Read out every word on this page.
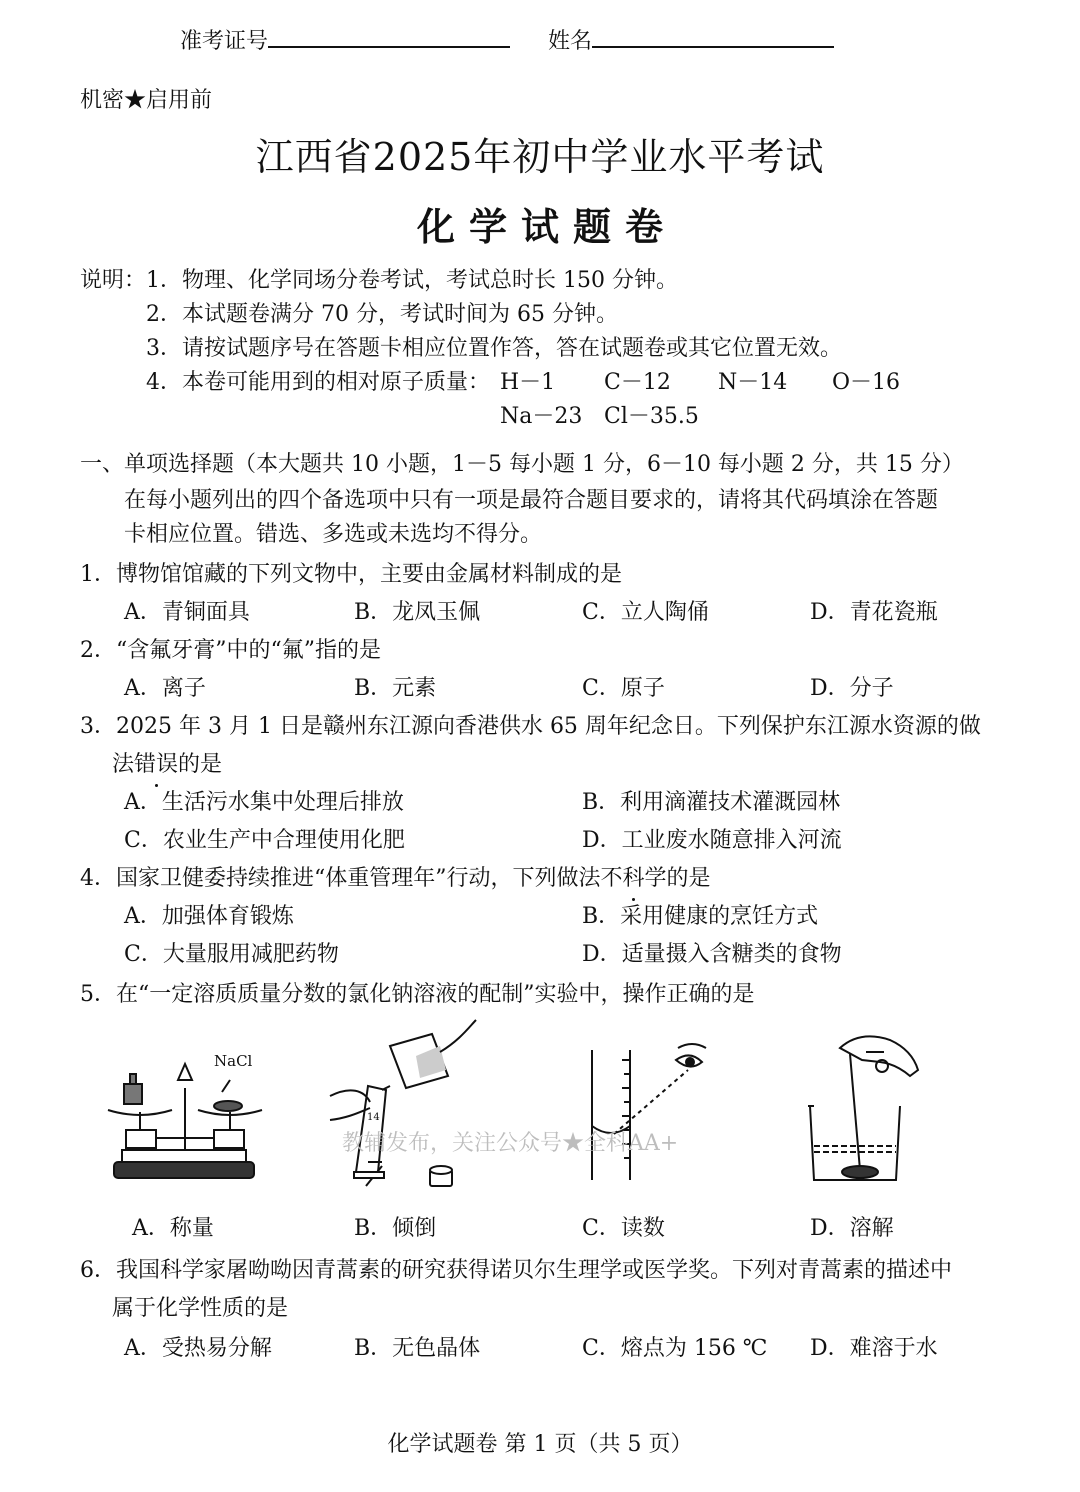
准考证号	姓名
机密★启用前
江西省2025年初中学业水平考试
化学试题卷
说明： 1．物理、化学同场分卷考试，考试总时长 150 分钟。
2．本试题卷满分 70 分，考试时间为 65 分钟。
3．请按试题序号在答题卡相应位置作答，答在试题卷或其它位置无效。
4．本卷可能用到的相对原子质量： H－1 C－12 N－14 O－16
Na－23 Cl－35.5
一、单项选择题（本大题共 10 小题，1－5 每小题 1 分，6－10 每小题 2 分，共 15 分）
在每小题列出的四个备选项中只有一项是最符合题目要求的，请将其代码填涂在答题
卡相应位置。错选、多选或未选均不得分。
1．博物馆馆藏的下列文物中，主要由金属材料制成的是
A．青铜面具	B．龙凤玉佩	C．立人陶俑	D．青花瓷瓶
2．“含氟牙膏”中的“氟”指的是
A．离子	B．元素	C．原子	D．分子
3．2025 年 3 月 1 日是赣州东江源向香港供水 65 周年纪念日。下列保护东江源水资源的做
法错误的是
A．生活污水集中处理后排放	B．利用滴灌技术灌溉园林
C．农业生产中合理使用化肥	D．工业废水随意排入河流
4．国家卫健委持续推进“体重管理年”行动，下列做法不科学的是
A．加强体育锻炼	B．采用健康的烹饪方式
C．大量服用减肥药物	D．适量摄入含糖类的食物
5．在“一定溶质质量分数的氯化钠溶液的配制”实验中，操作正确的是
NaCl
14
教辅发布，关注公众号★全科AA+
A．称量	B．倾倒	C．读数	D．溶解
6．我国科学家屠呦呦因青蒿素的研究获得诺贝尔生理学或医学奖。下列对青蒿素的描述中
属于化学性质的是
A．受热易分解	B．无色晶体	C．熔点为 156 ℃ D．难溶于水
化学试题卷 第 1 页（共 5 页）
